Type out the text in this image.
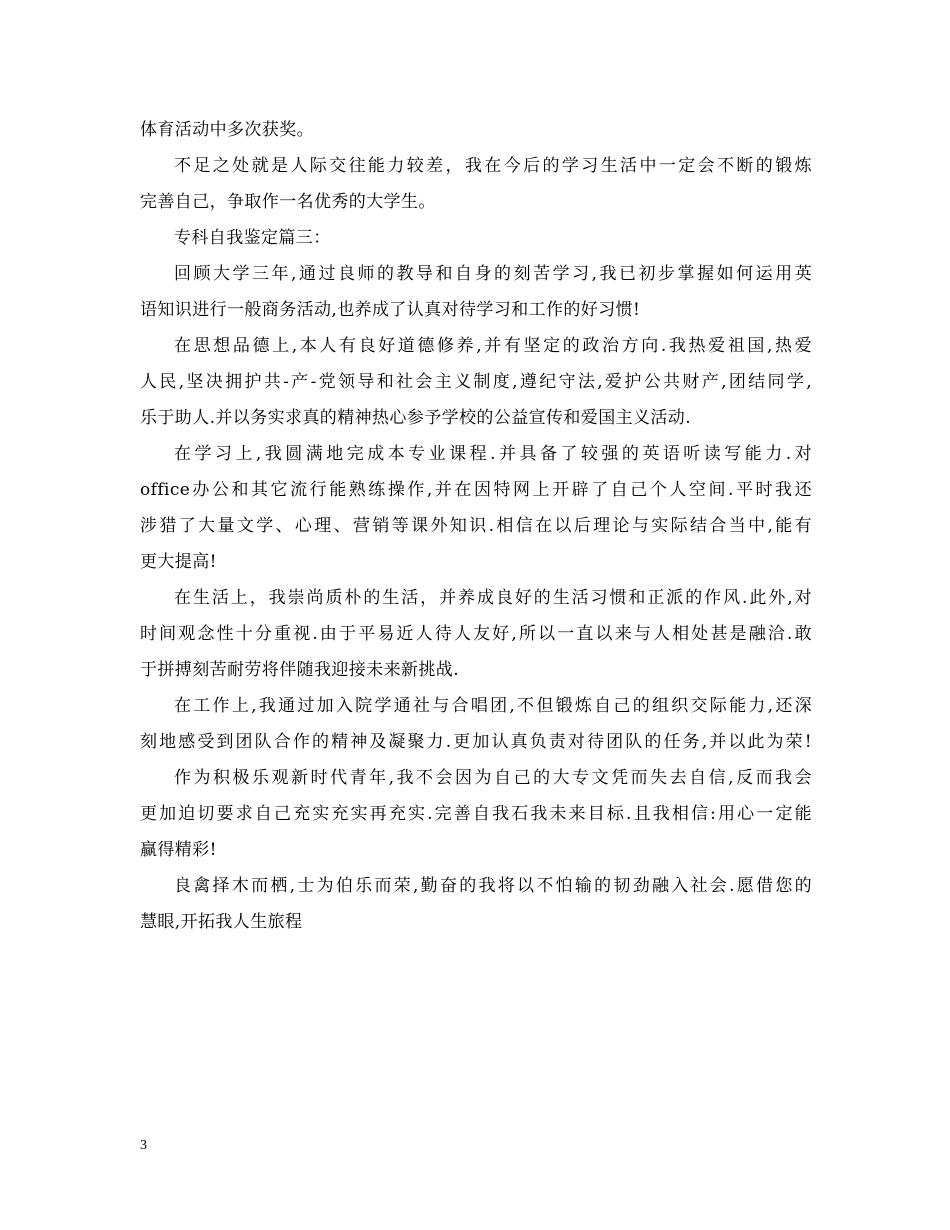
体育活动中多次获奖。
不足之处就是人际交往能力较差，我在今后的学习生活中一定会不断的锻炼
完善自己，争取作一名优秀的大学生。
专科自我鉴定篇三：
回顾大学三年,通过良师的教导和自身的刻苦学习,我已初步掌握如何运用英
语知识进行一般商务活动,也养成了认真对待学习和工作的好习惯!
在思想品德上,本人有良好道德修养,并有坚定的政治方向.我热爱祖国,热爱
人民,坚决拥护共-产-党领导和社会主义制度,遵纪守法,爱护公共财产,团结同学,
乐于助人.并以务实求真的精神热心参予学校的公益宣传和爱国主义活动.
在学习上,我圆满地完成本专业课程.并具备了较强的英语听读写能力.对
office办公和其它流行能熟练操作,并在因特网上开辟了自己个人空间.平时我还
涉猎了大量文学、心理、营销等课外知识.相信在以后理论与实际结合当中,能有
更大提高!
在生活上，我崇尚质朴的生活，并养成良好的生活习惯和正派的作风.此外,对
时间观念性十分重视.由于平易近人待人友好,所以一直以来与人相处甚是融洽.敢
于拼搏刻苦耐劳将伴随我迎接未来新挑战.
在工作上,我通过加入院学通社与合唱团,不但锻炼自己的组织交际能力,还深
刻地感受到团队合作的精神及凝聚力.更加认真负责对待团队的任务,并以此为荣!
作为积极乐观新时代青年,我不会因为自己的大专文凭而失去自信,反而我会
更加迫切要求自己充实充实再充实.完善自我石我未来目标.且我相信:用心一定能
赢得精彩!
良禽择木而栖,士为伯乐而荣,勤奋的我将以不怕输的韧劲融入社会.愿借您的
慧眼,开拓我人生旅程
3
